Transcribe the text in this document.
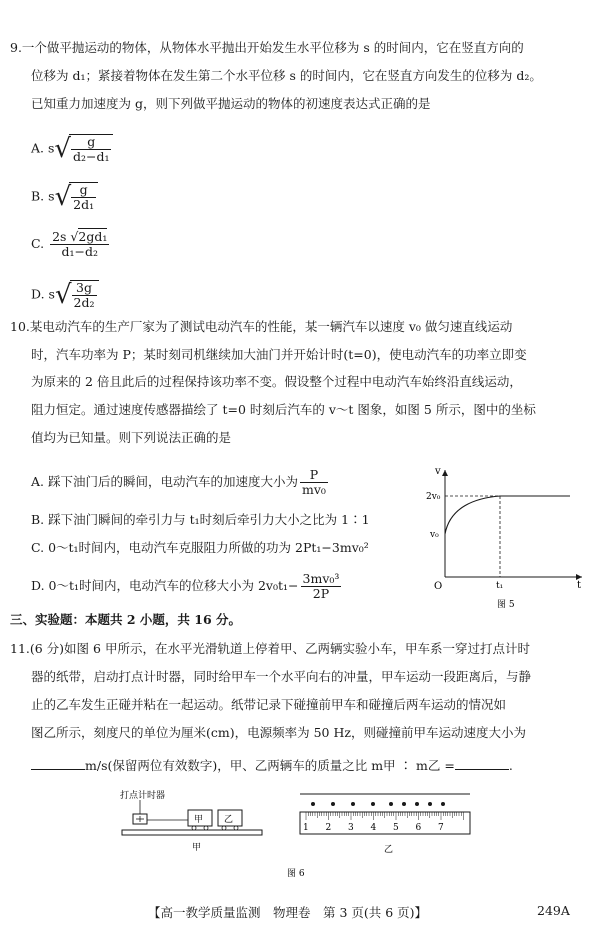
9.一个做平抛运动的物体，从物体水平抛出开始发生水平位移为 s 的时间内，它在竖直方向的
位移为 d₁；紧接着物体在发生第二个水平位移 s 的时间内，它在竖直方向发生的位移为 d₂。
已知重力加速度为 g，则下列做平抛运动的物体的初速度表达式正确的是
A. $s√ \frac{g}{\text{d₂−d₁}}$
B. $s√ \frac{g}{\text{2d₁}}$
C. $\frac{\text{2s √2gd₁}}{\text{d₁−d₂}}$
D. $s√ \frac{3g}{\text{2d₂}}$
10.某电动汽车的生产厂家为了测试电动汽车的性能，某一辆汽车以速度 v₀ 做匀速直线运动
时，汽车功率为 P；某时刻司机继续加大油门并开始计时(t=0)，使电动汽车的功率立即变
为原来的 2 倍且此后的过程保持该功率不变。假设整个过程中电动汽车始终沿直线运动，
阻力恒定。通过速度传感器描绘了 t=0 时刻后汽车的 v～t 图象，如图 5 所示，图中的坐标
值均为已知量。则下列说法正确的是
A. 踩下油门后的瞬间，电动汽车的加速度大小为 $\frac{P}{\text{mv₀}}$
B. 踩下油门瞬间的牵引力与 t₁时刻后牵引力大小之比为 1∶1
C. 0～t₁时间内，电动汽车克服阻力所做的功为 2Pt₁−3mv₀²
D. 0～t₁时间内，电动汽车的位移大小为 $2v_0t_1- \frac{\text{3mv₀³}}{2P}$
v
t
O
2v₀
v₀
t₁
图 5
三、实验题：本题共 2 小题，共 16 分。
11.(6 分)如图 6 甲所示，在水平光滑轨道上停着甲、乙两辆实验小车，甲车系一穿过打点计时
器的纸带，启动打点计时器，同时给甲车一个水平向右的冲量，甲车运动一段距离后，与静
止的乙车发生正碰并粘在一起运动。纸带记录下碰撞前甲车和碰撞后两车运动的情况如
图乙所示，刻度尺的单位为厘米(cm)，电源频率为 50 Hz，则碰撞前甲车运动速度大小为
m/s(保留两位有效数字)，甲、乙两辆车的质量之比 m甲 ∶ m乙 =	.
打点计时器
甲 乙
甲
1 2 3 4 5 6 7
乙
图 6
【高一教学质量监测　物理卷　第 3 页(共 6 页)】	249A
